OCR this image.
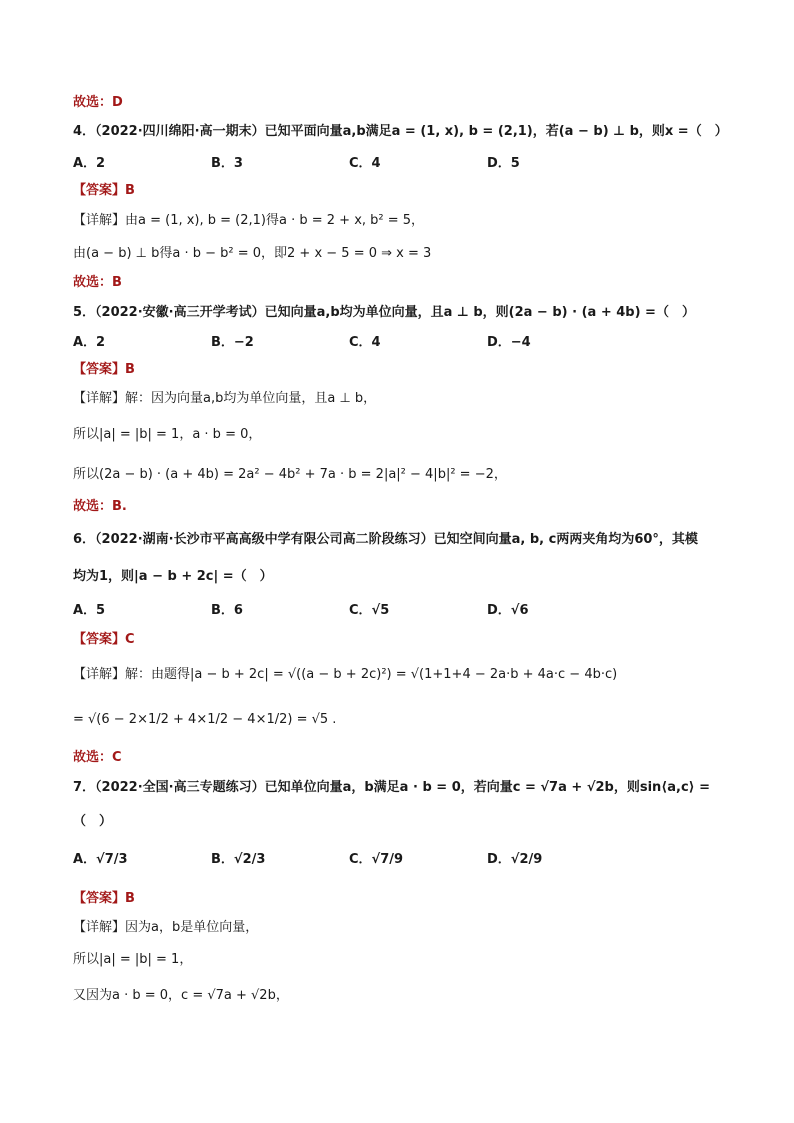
故选：D
4．（2022·四川绵阳·高一期末）已知平面向量a,b满足a = (1, x), b = (2,1)，若(a − b) ⊥ b，则x =（　）
A．2	B．3	C．4	D．5
【答案】B
【详解】由a = (1, x), b = (2,1)得a · b = 2 + x, b² = 5，
由(a − b) ⊥ b得a · b − b² = 0，即2 + x − 5 = 0 ⇒ x = 3
故选：B
5．（2022·安徽·高三开学考试）已知向量a,b均为单位向量，且a ⊥ b，则(2a − b) · (a + 4b) =（　）
A．2	B．−2	C．4	D．−4
【答案】B
【详解】解：因为向量a,b均为单位向量，且a ⊥ b，
所以|a| = |b| = 1，a · b = 0，
所以(2a − b) · (a + 4b) = 2a² − 4b² + 7a · b = 2|a|² − 4|b|² = −2，
故选：B.
6．（2022·湖南·长沙市平高高级中学有限公司高二阶段练习）已知空间向量a, b, c两两夹角均为60°，其模
均为1，则|a − b + 2c| =（　）
A．5	B．6	C．√5	D．√6
【答案】C
【详解】解：由题得|a − b + 2c| = √((a − b + 2c)²) = √(1+1+4 − 2a·b + 4a·c − 4b·c)
= √(6 − 2×1/2 + 4×1/2 − 4×1/2) = √5 .
故选：C
7．（2022·全国·高三专题练习）已知单位向量a，b满足a · b = 0，若向量c = √7a + √2b，则sin⟨a,c⟩ =
（　）
A．√7/3	B．√2/3	C．√7/9	D．√2/9
【答案】B
【详解】因为a，b是单位向量，
所以|a| = |b| = 1，
又因为a · b = 0，c = √7a + √2b，
